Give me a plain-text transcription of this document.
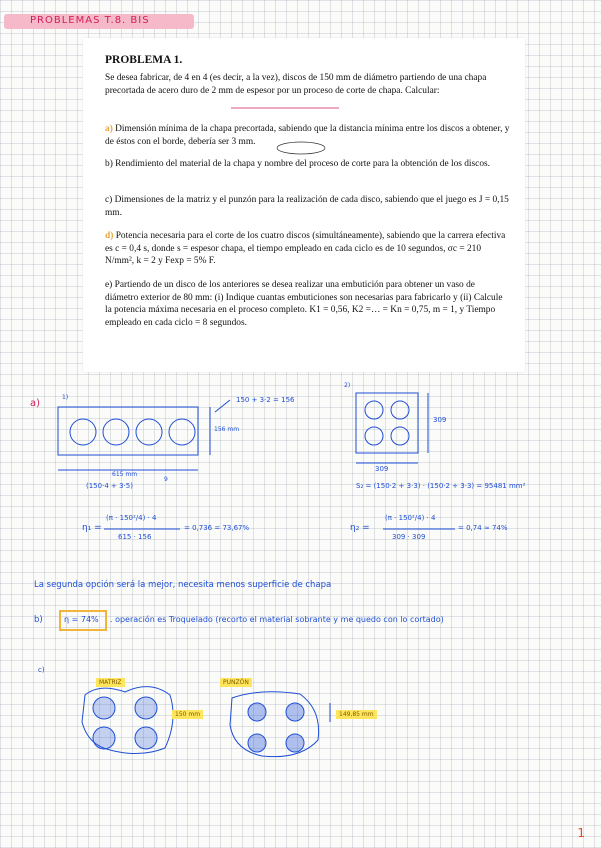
PROBLEMAS T.8. BIS
PROBLEMA 1.
Se desea fabricar, de 4 en 4 (es decir, a la vez), discos de 150 mm de diámetro partiendo de una chapa precortada de acero duro de 2 mm de espesor por un proceso de corte de chapa. Calcular:
a) Dimensión mínima de la chapa precortada, sabiendo que la distancia mínima entre los discos a obtener, y de éstos con el borde, debería ser 3 mm.
b) Rendimiento del material de la chapa y nombre del proceso de corte para la obtención de los discos.
c) Dimensiones de la matriz y el punzón para la realización de cada disco, sabiendo que el juego es J = 0,15 mm.
d) Potencia necesaria para el corte de los cuatro discos (simultáneamente), sabiendo que la carrera efectiva es c = 0,4 s, donde s = espesor chapa, el tiempo empleado en cada ciclo es de 10 segundos, σc = 210 N/mm², k = 2 y Fexp = 5% F.
e) Partiendo de un disco de los anteriores se desea realizar una embutición para obtener un vaso de diámetro exterior de 80 mm: (i) Indique cuantas embuticiones son necesarias para fabricarlo y (ii) Calcule la potencia máxima necesaria en el proceso completo. K1 = 0,56, K2 =… = Kn = 0,75, m = 1, y Tiempo empleado en cada ciclo = 8 segundos.
a)
1)
2)
150 + 3·2 = 156
156 mm
615 mm
(150·4 + 3·5)
9
309
309
S₂ = (150·2 + 3·3) · (150·2 + 3·3) = 95481 mm²
η₁ =
(π · 150²/4) · 4
615 · 156
= 0,736 = 73,67%	η₂ =
(π · 150²/4) · 4
309 · 309
= 0,74 ≈ 74%
La segunda opción será la mejor, necesita menos superficie de chapa
b)	η = 74% . operación es Troquelado (recorto el material sobrante y me quedo con lo cortado)
c)
MATRIZ	PUNZÓN
150 mm	149,85 mm
1
